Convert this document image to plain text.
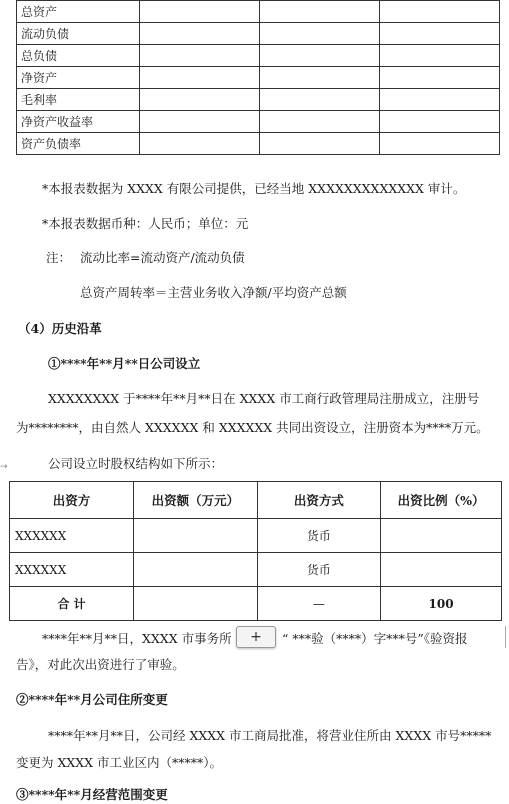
总资产			
流动负债			
总负债			
净资产			
毛利率			
净资产收益率			
资产负债率			
*本报表数据为 XXXX 有限公司提供，已经当地 XXXXXXXXXXXXX 审计。
*本报表数据币种：人民币；单位：元
注： 流动比率=流动资产/流动负债
总资产周转率＝主营业务收入净额/平均资产总额
（4）历史沿革
①****年**月**日公司设立
XXXXXXXX 于****年**月**日在 XXXX 市工商行政管理局注册成立，注册号
为********，由自然人 XXXXXX 和 XXXXXX 共同出资设立，注册资本为****万元。
公司设立时股权结构如下所示：
→
出资方	出资额（万元）	出资方式	出资比例（%）
XXXXXX		货币	
XXXXXX		货币	
合 计		—	100
****年**月**日，XXXX 市事务所	“ ***验（****）字***号”《验资报
告》，对此次出资进行了审验。
+
②****年**月公司住所变更
****年**月**日，公司经 XXXX 市工商局批准，将营业住所由 XXXX 市号*****
变更为 XXXX 市工业区内（*****）。
③****年**月经营范围变更
